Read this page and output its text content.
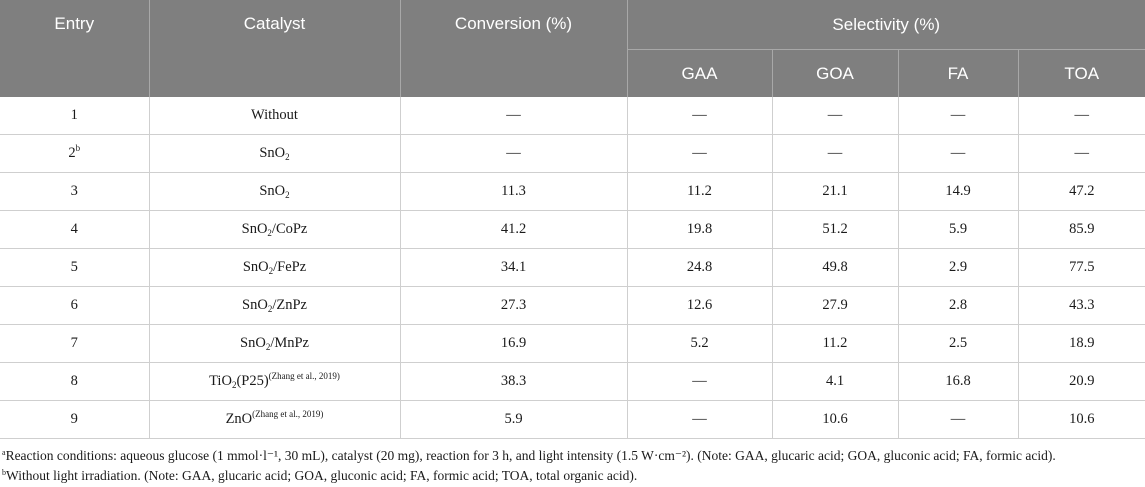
Entry	Catalyst	Conversion (%)	Selectivity (%)			
			GAA	GOA	FA	TOA
1	Without	—	—	—	—	—
2$^b$	SnO$_2$	—	—	—	—	—
3	SnO$_2$	11.3	11.2	21.1	14.9	47.2
4	SnO$_2$/CoPz	41.2	19.8	51.2	5.9	85.9
5	SnO$_2$/FePz	34.1	24.8	49.8	2.9	77.5
6	SnO$_2$/ZnPz	27.3	12.6	27.9	2.8	43.3
7	SnO$_2$/MnPz	16.9	5.2	11.2	2.5	18.9
8	TiO$_2$(P25)$^{(Zhang et al., 2019)}$	38.3	—	4.1	16.8	20.9
9	ZnO$^{(Zhang et al., 2019)}$	5.9	—	10.6	—	10.6
$^a$Reaction conditions: aqueous glucose (1 mmol·l⁻¹, 30 mL), catalyst (20 mg), reaction for 3 h, and light intensity (1.5 W·cm⁻²). (Note: GAA, glucaric acid; GOA, gluconic acid; FA, formic acid).
$^b$Without light irradiation. (Note: GAA, glucaric acid; GOA, gluconic acid; FA, formic acid; TOA, total organic acid).
